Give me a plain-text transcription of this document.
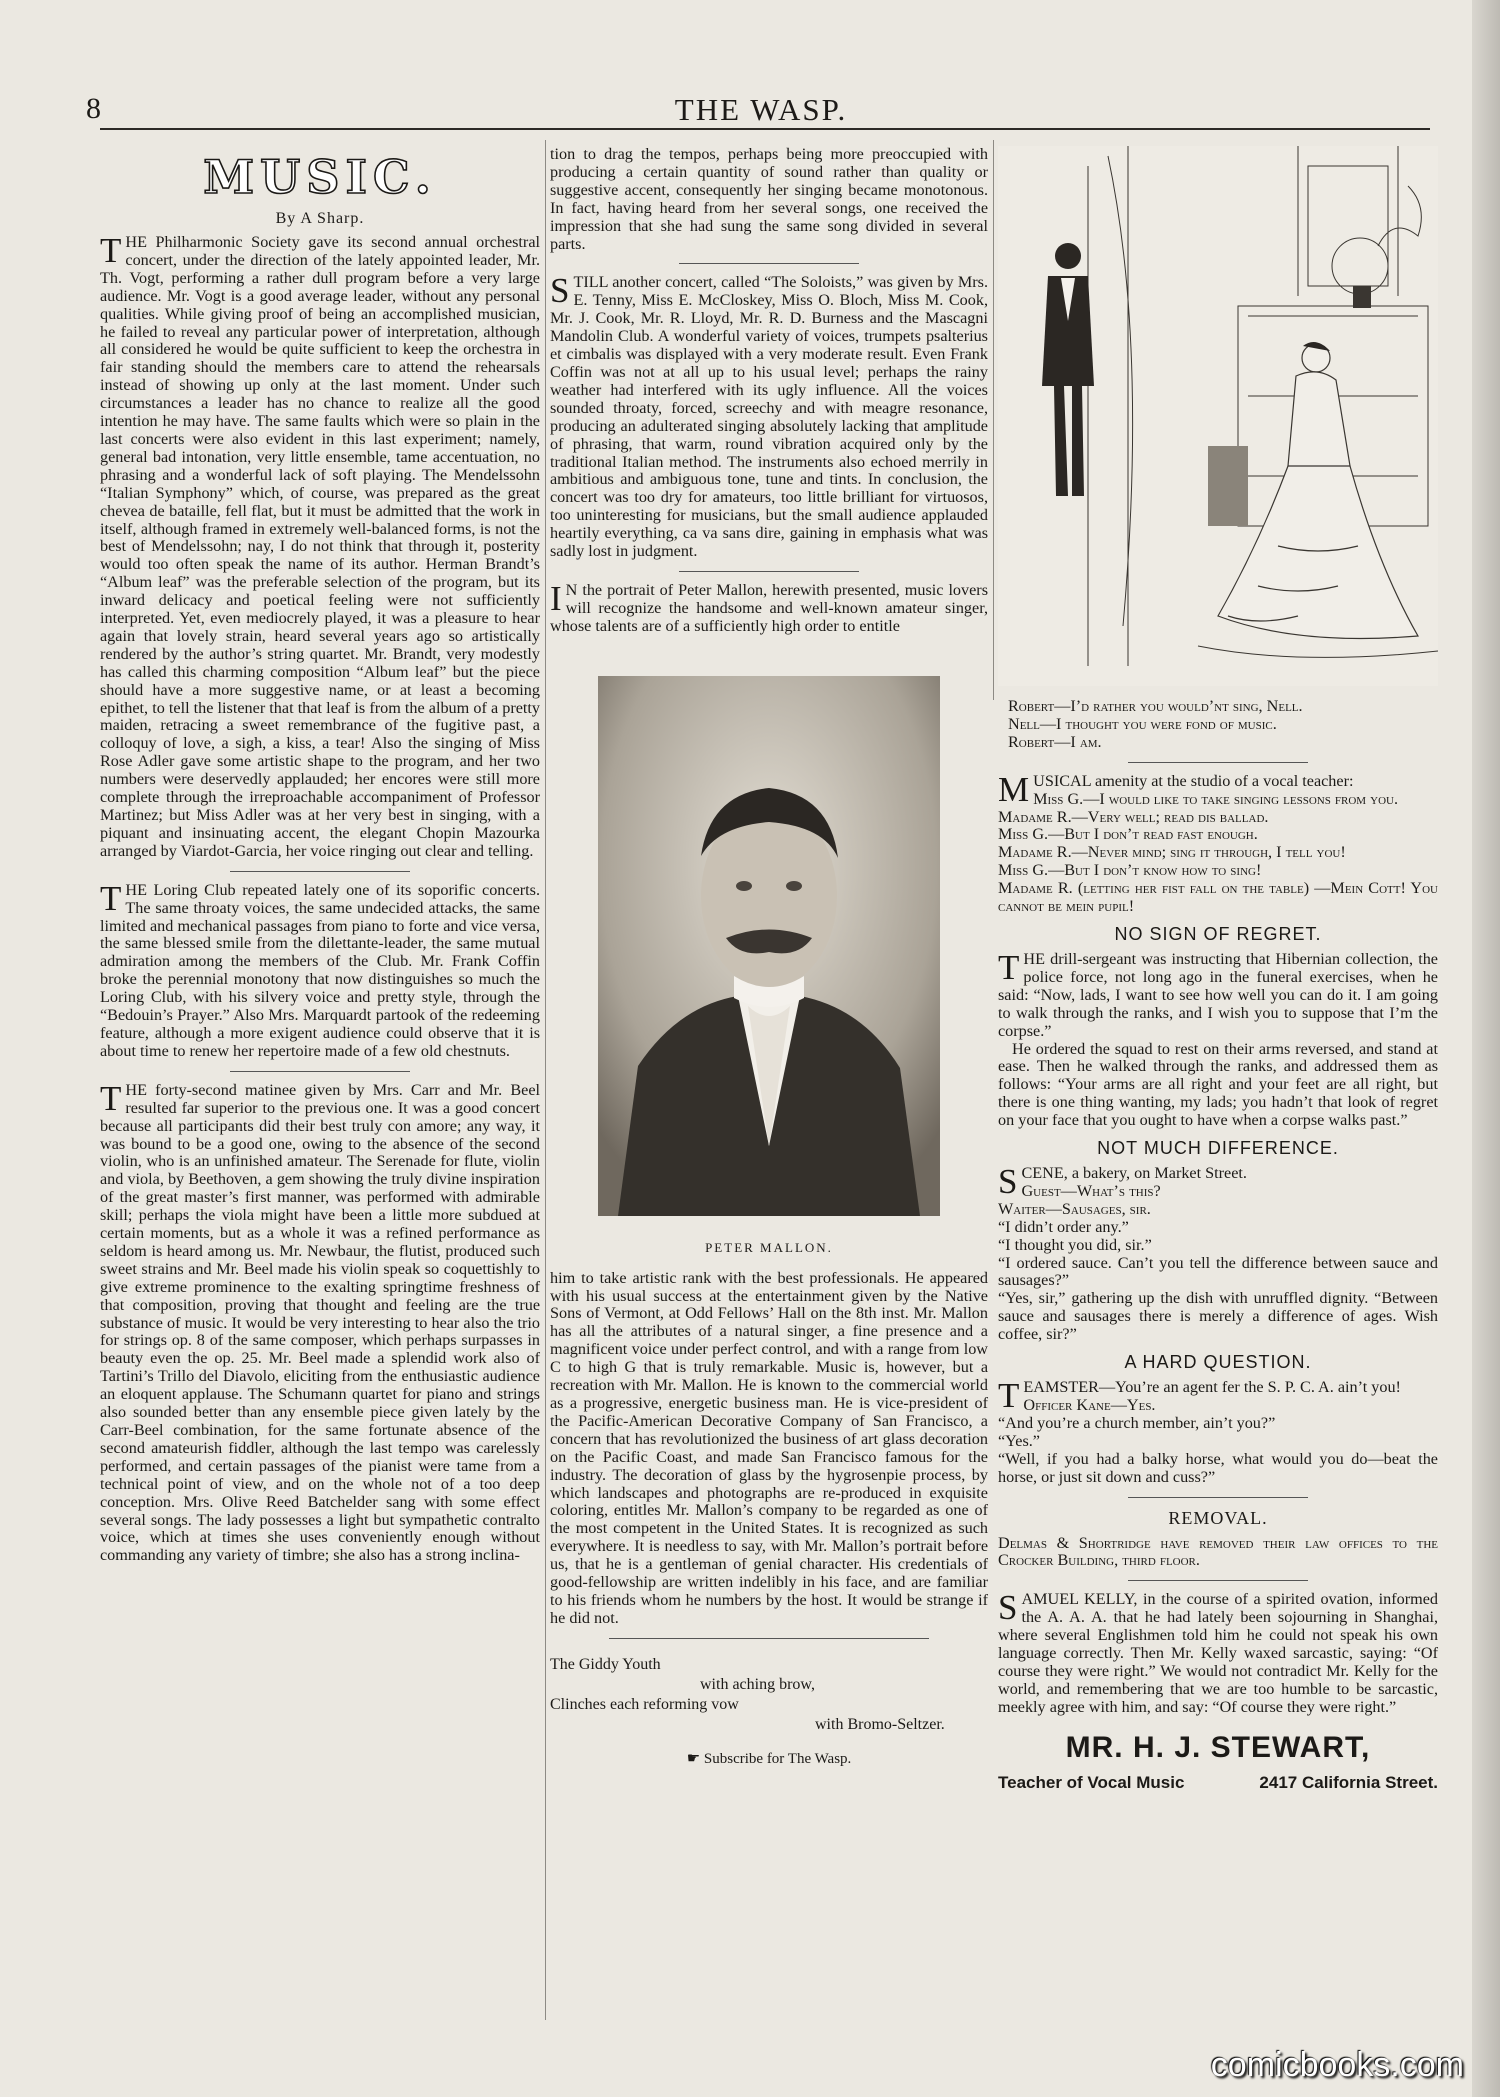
8	THE WASP.
MUSIC.
By A Sharp.

THE Philharmonic Society gave its second annual orchestral concert, under the direction of the lately appointed leader, Mr. Th. Vogt, performing a rather dull program before a very large audience. Mr. Vogt is a good average leader, without any personal qualities. While giving proof of being an accomplished musician, he failed to reveal any particular power of interpretation, although all considered he would be quite sufficient to keep the orchestra in fair standing should the members care to attend the rehearsals instead of showing up only at the last moment. Under such circumstances a leader has no chance to realize all the good intention he may have. The same faults which were so plain in the last concerts were also evident in this last experiment; namely, general bad intonation, very little ensemble, tame accentuation, no phrasing and a wonderful lack of soft playing. The Mendelssohn “Italian Symphony” which, of course, was prepared as the great chevea de bataille, fell flat, but it must be admitted that the work in itself, although framed in extremely well-balanced forms, is not the best of Mendelssohn; nay, I do not think that through it, posterity would too often speak the name of its author. Herman Brandt’s “Album leaf” was the preferable selection of the program, but its inward delicacy and poetical feeling were not sufficiently interpreted. Yet, even mediocrely played, it was a pleasure to hear again that lovely strain, heard several years ago so artistically rendered by the author’s string quartet. Mr. Brandt, very modestly has called this charming composition “Album leaf” but the piece should have a more suggestive name, or at least a becoming epithet, to tell the listener that that leaf is from the album of a pretty maiden, retracing a sweet remembrance of the fugitive past, a colloquy of love, a sigh, a kiss, a tear! Also the singing of Miss Rose Adler gave some artistic shape to the program, and her two numbers were deservedly applauded; her encores were still more complete through the irreproachable accompaniment of Professor Martinez; but Miss Adler was at her very best in singing, with a piquant and insinuating accent, the elegant Chopin Mazourka arranged by Viardot-Garcia, her voice ringing out clear and telling.

THE Loring Club repeated lately one of its soporific concerts. The same throaty voices, the same undecided attacks, the same limited and mechanical passages from piano to forte and vice versa, the same blessed smile from the dilettante-leader, the same mutual admiration among the members of the Club. Mr. Frank Coffin broke the perennial monotony that now distinguishes so much the Loring Club, with his silvery voice and pretty style, through the “Bedouin’s Prayer.” Also Mrs. Marquardt partook of the redeeming feature, although a more exigent audience could observe that it is about time to renew her repertoire made of a few old chestnuts.

THE forty-second matinee given by Mrs. Carr and Mr. Beel resulted far superior to the previous one. It was a good concert because all participants did their best truly con amore; any way, it was bound to be a good one, owing to the absence of the second violin, who is an unfinished amateur. The Serenade for flute, violin and viola, by Beethoven, a gem showing the truly divine inspiration of the great master’s first manner, was performed with admirable skill; perhaps the viola might have been a little more subdued at certain moments, but as a whole it was a refined performance as seldom is heard among us. Mr. Newbaur, the flutist, produced such sweet strains and Mr. Beel made his violin speak so coquettishly to give extreme prominence to the exalting springtime freshness of that composition, proving that thought and feeling are the true substance of music. It would be very interesting to hear also the trio for strings op. 8 of the same composer, which perhaps surpasses in beauty even the op. 25. Mr. Beel made a splendid work also of Tartini’s Trillo del Diavolo, eliciting from the enthusiastic audience an eloquent applause. The Schumann quartet for piano and strings also sounded better than any ensemble piece given lately by the Carr-Beel combination, for the same fortunate absence of the second amateurish fiddler, although the last tempo was carelessly performed, and certain passages of the pianist were tame from a technical point of view, and on the whole not of a too deep conception. Mrs. Olive Reed Batchelder sang with some effect several songs. The lady possesses a light but sympathetic contralto voice, which at times she uses conveniently enough without commanding any variety of timbre; she also has a strong inclina-

tion to drag the tempos, perhaps being more preoccupied with producing a certain quantity of sound rather than quality or suggestive accent, consequently her singing became monotonous. In fact, having heard from her several songs, one received the impression that she had sung the same song divided in several parts.

STILL another concert, called “The Soloists,” was given by Mrs. E. Tenny, Miss E. McCloskey, Miss O. Bloch, Miss M. Cook, Mr. J. Cook, Mr. R. Lloyd, Mr. R. D. Burness and the Mascagni Mandolin Club. A wonderful variety of voices, trumpets psalterius et cimbalis was displayed with a very moderate result. Even Frank Coffin was not at all up to his usual level; perhaps the rainy weather had interfered with its ugly influence. All the voices sounded throaty, forced, screechy and with meagre resonance, producing an adulterated singing absolutely lacking that amplitude of phrasing, that warm, round vibration acquired only by the traditional Italian method. The instruments also echoed merrily in ambitious and ambiguous tone, tune and tints. In conclusion, the concert was too dry for amateurs, too little brilliant for virtuosos, too uninteresting for musicians, but the small audience applauded heartily everything, ca va sans dire, gaining in emphasis what was sadly lost in judgment.

I N the portrait of Peter Mallon, herewith presented, music lovers will recognize the handsome and well-known amateur singer, whose talents are of a sufficiently high order to entitle

PETER MALLON.

him to take artistic rank with the best professionals. He appeared with his usual success at the entertainment given by the Native Sons of Vermont, at Odd Fellows’ Hall on the 8th inst. Mr. Mallon has all the attributes of a natural singer, a fine presence and a magnificent voice under perfect control, and with a range from low C to high G that is truly remarkable. Music is, however, but a recreation with Mr. Mallon. He is known to the commercial world as a progressive, energetic business man. He is vice-president of the Pacific-American Decorative Company of San Francisco, a concern that has revolutionized the business of art glass decoration on the Pacific Coast, and made San Francisco famous for the industry. The decoration of glass by the hygrosenpie process, by which landscapes and photographs are re-produced in exquisite coloring, entitles Mr. Mallon’s company to be regarded as one of the most competent in the United States. It is recognized as such everywhere. It is needless to say, with Mr. Mallon’s portrait before us, that he is a gentleman of genial character. His credentials of good-fellowship are written indelibly in his face, and are familiar to his friends whom he numbers by the host. It would be strange if he did not.

The Giddy Youth
with aching brow,
Clinches each reforming vow
with Bromo-Seltzer.
☛ Subscribe for The Wasp.
Robert—I’d rather you would’nt sing, Nell.
Nell—I thought you were fond of music.
Robert—I am.

MUSICAL amenity at the studio of a vocal teacher:

Miss G.—I would like to take singing lessons from you.

Madame R.—Very well; read dis ballad.

Miss G.—But I don’t read fast enough.

Madame R.—Never mind; sing it through, I tell you!

Miss G.—But I don’t know how to sing!

Madame R. (letting her fist fall on the table) —Mein Cott! You cannot be mein pupil!

NO SIGN OF REGRET.

THE drill-sergeant was instructing that Hibernian collection, the police force, not long ago in the funeral exercises, when he said: “Now, lads, I want to see how well you can do it. I am going to walk through the ranks, and I wish you to suppose that I’m the corpse.”

He ordered the squad to rest on their arms reversed, and stand at ease. Then he walked through the ranks, and addressed them as follows: “Your arms are all right and your feet are all right, but there is one thing wanting, my lads; you hadn’t that look of regret on your face that you ought to have when a corpse walks past.”

NOT MUCH DIFFERENCE.

SCENE, a bakery, on Market Street.

Guest—What’s this?

Waiter—Sausages, sir.

“I didn’t order any.”

“I thought you did, sir.”

“I ordered sauce. Can’t you tell the difference between sauce and sausages?”

“Yes, sir,” gathering up the dish with unruffled dignity. “Between sauce and sausages there is merely a difference of ages. Wish coffee, sir?”

A HARD QUESTION.

TEAMSTER—You’re an agent fer the S. P. C. A. ain’t you!

Officer Kane—Yes.

“And you’re a church member, ain’t you?”

“Yes.”

“Well, if you had a balky horse, what would you do—beat the horse, or just sit down and cuss?”

REMOVAL.

Delmas & Shortridge have removed their law offices to the Crocker Building, third floor.

SAMUEL KELLY, in the course of a spirited ovation, informed the A. A. A. that he had lately been sojourning in Shanghai, where several Englishmen told him he could not speak his own language correctly. Then Mr. Kelly waxed sarcastic, saying: “Of course they were right.” We would not contradict Mr. Kelly for the world, and remembering that we are too humble to be sarcastic, meekly agree with him, and say: “Of course they were right.”

MR. H. J. STEWART,
Teacher of Vocal Music	2417 California Street.
comicbooks.com
